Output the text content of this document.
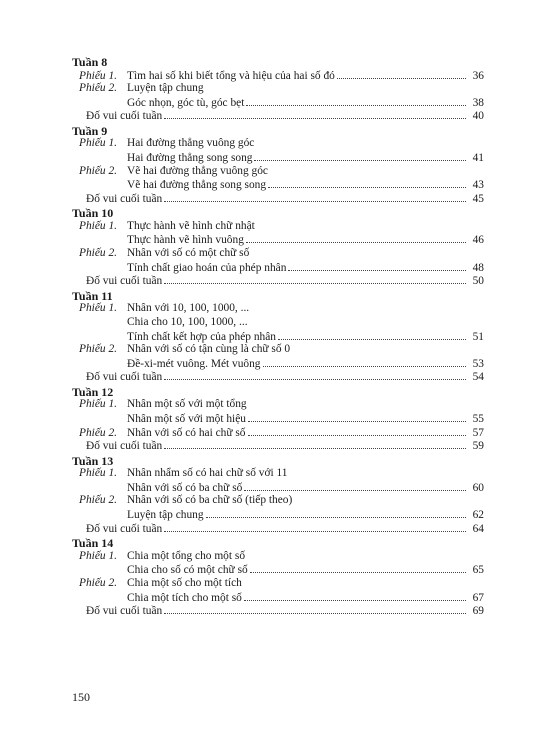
Tuần 8
Phiếu 1. Tìm hai số khi biết tổng và hiệu của hai số đó	36
Phiếu 2. Luyện tập chung
Góc nhọn, góc tù, góc bẹt	38
Đố vui cuối tuần	40
Tuần 9
Phiếu 1. Hai đường thẳng vuông góc
Hai đường thẳng song song	41
Phiếu 2. Vẽ hai đường thẳng vuông góc
Vẽ hai đường thẳng song song	43
Đố vui cuối tuần	45
Tuần 10
Phiếu 1. Thực hành vẽ hình chữ nhật
Thực hành vẽ hình vuông	46
Phiếu 2. Nhân với số có một chữ số
Tính chất giao hoán của phép nhân	48
Đố vui cuối tuần	50
Tuần 11
Phiếu 1. Nhân với 10, 100, 1000, ...
Chia cho 10, 100, 1000, ...
Tính chất kết hợp của phép nhân	51
Phiếu 2. Nhân với số có tận cùng là chữ số 0
Đề-xi-mét vuông. Mét vuông	53
Đố vui cuối tuần	54
Tuần 12
Phiếu 1. Nhân một số với một tổng
Nhân một số với một hiệu	55
Phiếu 2. Nhân với số có hai chữ số	57
Đố vui cuối tuần	59
Tuần 13
Phiếu 1. Nhân nhẩm số có hai chữ số với 11
Nhân với số có ba chữ số	60
Phiếu 2. Nhân với số có ba chữ số (tiếp theo)
Luyện tập chung	62
Đố vui cuối tuần	64
Tuần 14
Phiếu 1. Chia một tổng cho một số
Chia cho số có một chữ số	65
Phiếu 2. Chia một số cho một tích
Chia một tích cho một số	67
Đố vui cuối tuần	69
150
